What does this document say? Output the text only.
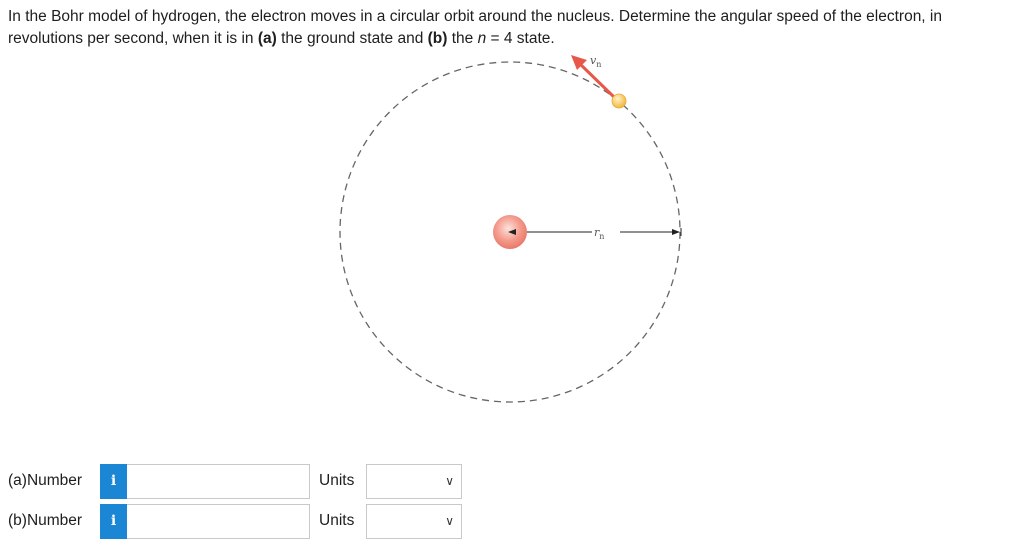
In the Bohr model of hydrogen, the electron moves in a circular orbit around the nucleus. Determine the angular speed of the electron, in revolutions per second, when it is in (a) the ground state and (b) the n = 4 state.
$r_n$
$v_n$
(a)Number	i	Units	∨
(b)Number	i	Units	∨
